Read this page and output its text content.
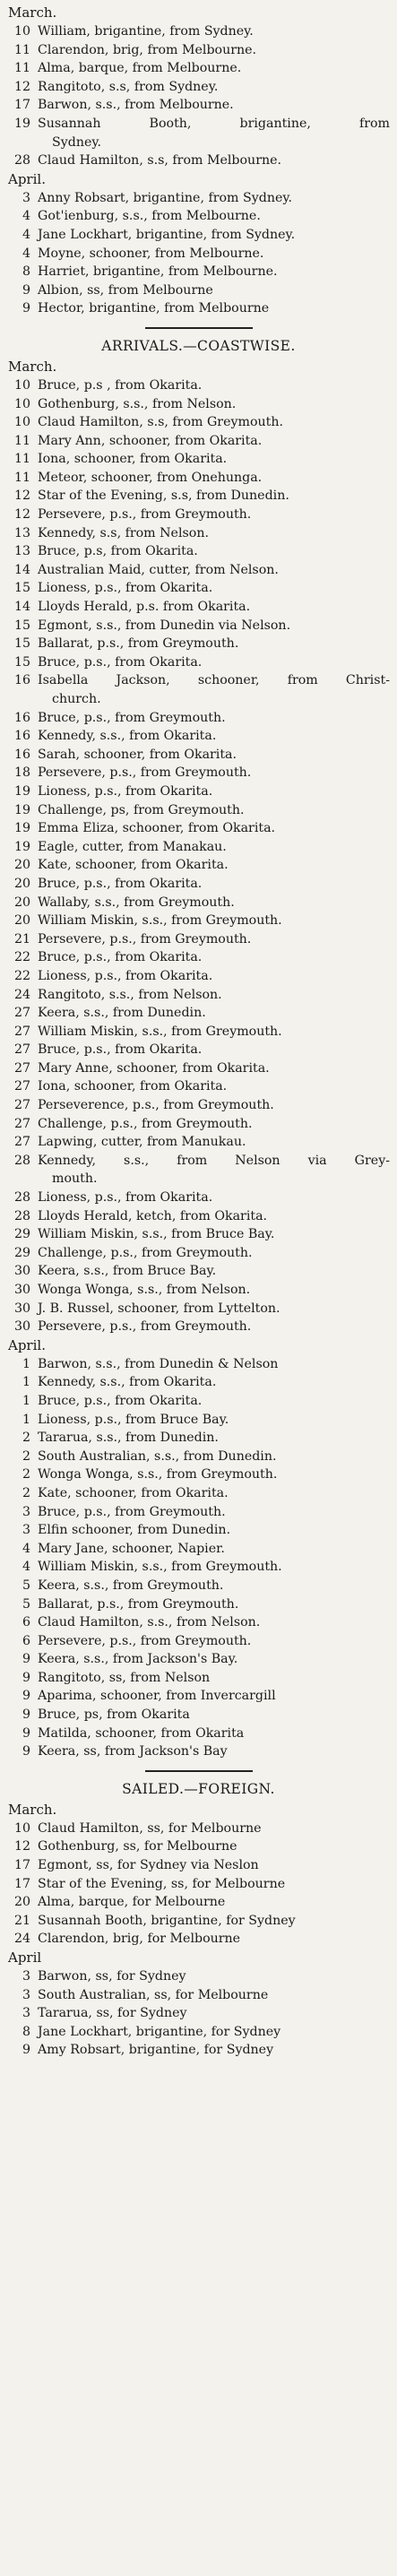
March.
10 William, brigantine, from Sydney.
11 Clarendon, brig, from Melbourne.
11 Alma, barque, from Melbourne.
12 Rangitoto, s.s, from Sydney.
17 Barwon, s.s., from Melbourne.
19 Susannah Booth, brigantine, from
Sydney.
28 Claud Hamilton, s.s, from Melbourne.
April.
3 Anny Robsart, brigantine, from Sydney.
4 Got'ienburg, s.s., from Melbourne.
4 Jane Lockhart, brigantine, from Sydney.
4 Moyne, schooner, from Melbourne.
8 Harriet, brigantine, from Melbourne.
9 Albion, ss, from Melbourne
9 Hector, brigantine, from Melbourne
ARRIVALS.—COASTWISE.
March.
10 Bruce, p.s , from Okarita.
10 Gothenburg, s.s., from Nelson.
10 Claud Hamilton, s.s, from Greymouth.
11 Mary Ann, schooner, from Okarita.
11 Iona, schooner, from Okarita.
11 Meteor, schooner, from Onehunga.
12 Star of the Evening, s.s, from Dunedin.
12 Persevere, p.s., from Greymouth.
13 Kennedy, s.s, from Nelson.
13 Bruce, p.s, from Okarita.
14 Australian Maid, cutter, from Nelson.
15 Lioness, p.s., from Okarita.
14 Lloyds Herald, p.s. from Okarita.
15 Egmont, s.s., from Dunedin via Nelson.
15 Ballarat, p.s., from Greymouth.
15 Bruce, p.s., from Okarita.
16 Isabella Jackson, schooner, from Christ-
church.
16 Bruce, p.s., from Greymouth.
16 Kennedy, s.s., from Okarita.
16 Sarah, schooner, from Okarita.
18 Persevere, p.s., from Greymouth.
19 Lioness, p.s., from Okarita.
19 Challenge, ps, from Greymouth.
19 Emma Eliza, schooner, from Okarita.
19 Eagle, cutter, from Manakau.
20 Kate, schooner, from Okarita.
20 Bruce, p.s., from Okarita.
20 Wallaby, s.s., from Greymouth.
20 William Miskin, s.s., from Greymouth.
21 Persevere, p.s., from Greymouth.
22 Bruce, p.s., from Okarita.
22 Lioness, p.s., from Okarita.
24 Rangitoto, s.s., from Nelson.
27 Keera, s.s., from Dunedin.
27 William Miskin, s.s., from Greymouth.
27 Bruce, p.s., from Okarita.
27 Mary Anne, schooner, from Okarita.
27 Iona, schooner, from Okarita.
27 Perseverence, p.s., from Greymouth.
27 Challenge, p.s., from Greymouth.
27 Lapwing, cutter, from Manukau.
28 Kennedy, s.s., from Nelson via Grey-
mouth.
28 Lioness, p.s., from Okarita.
28 Lloyds Herald, ketch, from Okarita.
29 William Miskin, s.s., from Bruce Bay.
29 Challenge, p.s., from Greymouth.
30 Keera, s.s., from Bruce Bay.
30 Wonga Wonga, s.s., from Nelson.
30 J. B. Russel, schooner, from Lyttelton.
30 Persevere, p.s., from Greymouth.
April.
1 Barwon, s.s., from Dunedin & Nelson
1 Kennedy, s.s., from Okarita.
1 Bruce, p.s., from Okarita.
1 Lioness, p.s., from Bruce Bay.
2 Tararua, s.s., from Dunedin.
2 South Australian, s.s., from Dunedin.
2 Wonga Wonga, s.s., from Greymouth.
2 Kate, schooner, from Okarita.
3 Bruce, p.s., from Greymouth.
3 Elfin schooner, from Dunedin.
4 Mary Jane, schooner, Napier.
4 William Miskin, s.s., from Greymouth.
5 Keera, s.s., from Greymouth.
5 Ballarat, p.s., from Greymouth.
6 Claud Hamilton, s.s., from Nelson.
6 Persevere, p.s., from Greymouth.
9 Keera, s.s., from Jackson's Bay.
9 Rangitoto, ss, from Nelson
9 Aparima, schooner, from Invercargill
9 Bruce, ps, from Okarita
9 Matilda, schooner, from Okarita
9 Keera, ss, from Jackson's Bay
SAILED.—FOREIGN.
March.
10 Claud Hamilton, ss, for Melbourne
12 Gothenburg, ss, for Melbourne
17 Egmont, ss, for Sydney via Neslon
17 Star of the Evening, ss, for Melbourne
20 Alma, barque, for Melbourne
21 Susannah Booth, brigantine, for Sydney
24 Clarendon, brig, for Melbourne
April
3 Barwon, ss, for Sydney
3 South Australian, ss, for Melbourne
3 Tararua, ss, for Sydney
8 Jane Lockhart, brigantine, for Sydney
9 Amy Robsart, brigantine, for Sydney
